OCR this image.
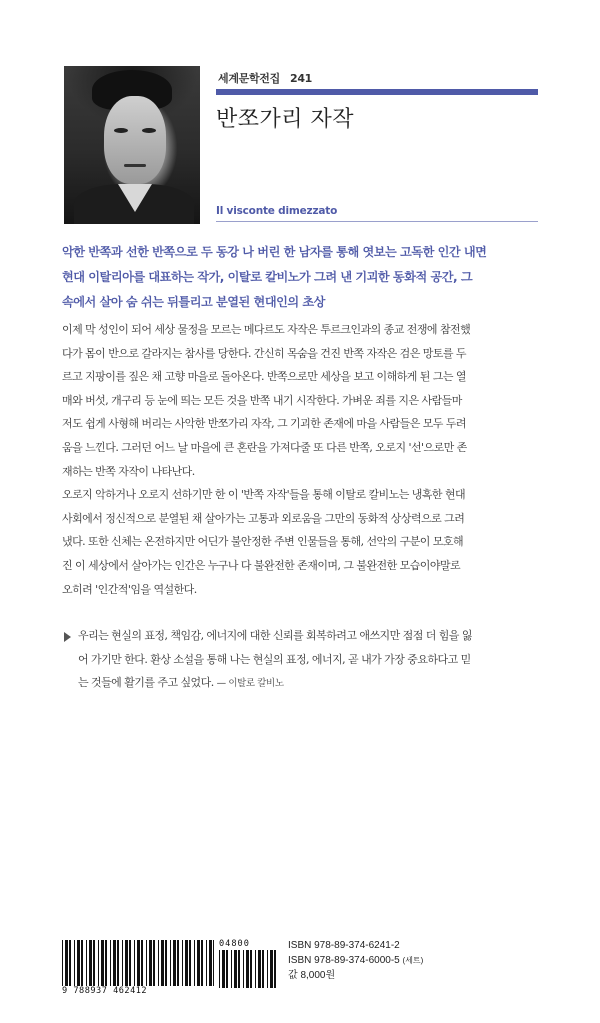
세계문학전집 241
반쪼가리 자작
Il visconte dimezzato

악한 반쪽과 선한 반쪽으로 두 동강 나 버린 한 남자를 통해 엿보는 고독한 인간 내면

현대 이탈리아를 대표하는 작가, 이탈로 칼비노가 그려 낸 기괴한 동화적 공간, 그

속에서 살아 숨 쉬는 뒤틀리고 분열된 현대인의 초상

이제 막 성인이 되어 세상 물정을 모르는 메다르도 자작은 투르크인과의 종교 전쟁에 참전했

다가 몸이 반으로 갈라지는 참사를 당한다. 간신히 목숨을 건진 반쪽 자작은 검은 망토를 두

르고 지팡이를 짚은 채 고향 마을로 돌아온다. 반쪽으로만 세상을 보고 이해하게 된 그는 열

매와 버섯, 개구리 등 눈에 띄는 모든 것을 반쪽 내기 시작한다. 가벼운 죄를 지은 사람들마

저도 쉽게 사형해 버리는 사악한 반쪼가리 자작, 그 기괴한 존재에 마을 사람들은 모두 두려

움을 느낀다. 그러던 어느 날 마을에 큰 혼란을 가져다줄 또 다른 반쪽, 오로지 '선'으로만 존

재하는 반쪽 자작이 나타난다.

오로지 악하거나 오로지 선하기만 한 이 '반쪽 자작'들을 통해 이탈로 칼비노는 냉혹한 현대

사회에서 정신적으로 분열된 채 살아가는 고통과 외로움을 그만의 동화적 상상력으로 그려

냈다. 또한 신체는 온전하지만 어딘가 불안정한 주변 인물들을 통해, 선악의 구분이 모호해

진 이 세상에서 살아가는 인간은 누구나 다 불완전한 존재이며, 그 불완전한 모습이야말로

오히려 '인간적'임을 역설한다.

우리는 현실의 표정, 책임감, 에너지에 대한 신뢰를 회복하려고 애쓰지만 점점 더 힘을 잃

어 가기만 한다. 환상 소설을 통해 나는 현실의 표정, 에너지, 곧 내가 가장 중요하다고 믿

는 것들에 활기를 주고 싶었다. — 이탈로 칼비노

9 788937 462412
04800	ISBN 978-89-374-6241-2
ISBN 978-89-374-6000-5 (세트)
값 8,000원
